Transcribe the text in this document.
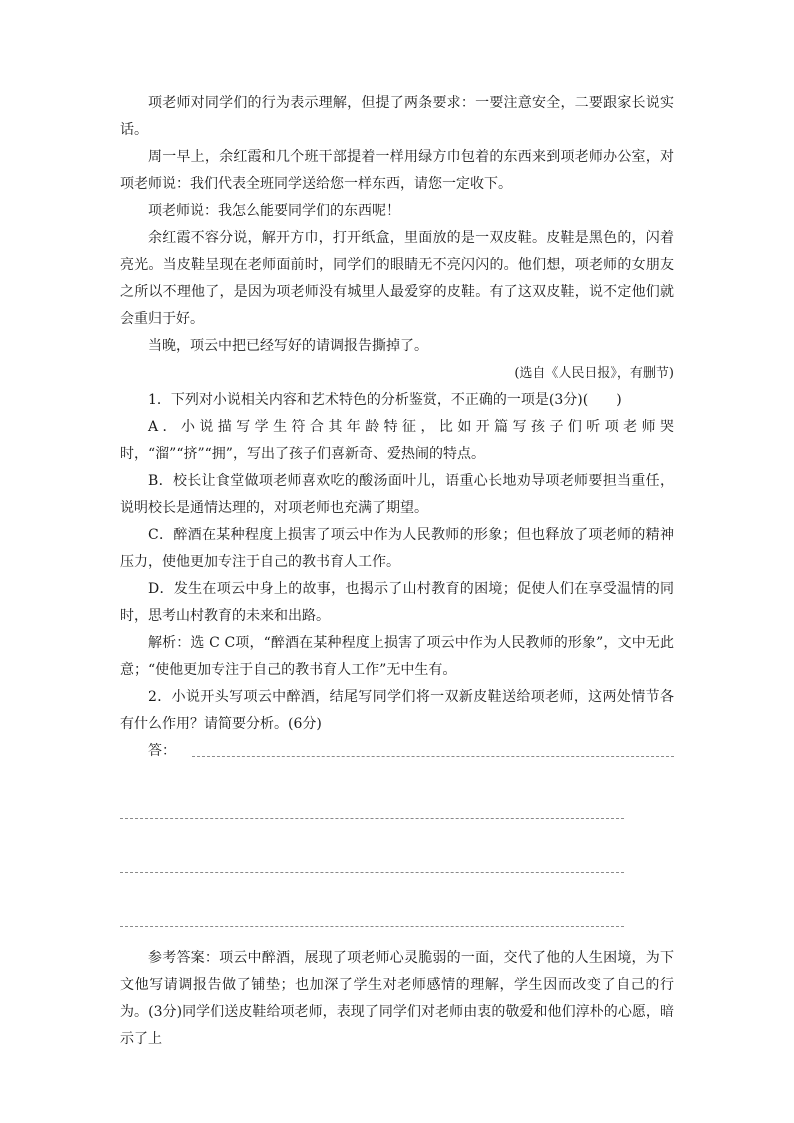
项老师对同学们的行为表示理解，但提了两条要求：一要注意安全，二要跟家长说实话。

周一早上，余红霞和几个班干部提着一样用绿方巾包着的东西来到项老师办公室，对项老师说：我们代表全班同学送给您一样东西，请您一定收下。

项老师说：我怎么能要同学们的东西呢！

余红霞不容分说，解开方巾，打开纸盒，里面放的是一双皮鞋。皮鞋是黑色的，闪着亮光。当皮鞋呈现在老师面前时，同学们的眼睛无不亮闪闪的。他们想，项老师的女朋友之所以不理他了，是因为项老师没有城里人最爱穿的皮鞋。有了这双皮鞋，说不定他们就会重归于好。

当晚，项云中把已经写好的请调报告撕掉了。

(选自《人民日报》，有删节)

1．下列对小说相关内容和艺术特色的分析鉴赏，不正确的一项是(3分)(　　)

A．小说描写学生符合其年龄特征，比如开篇写孩子们听项老师哭时，“溜”“挤”“拥”，写出了孩子们喜新奇、爱热闹的特点。

B．校长让食堂做项老师喜欢吃的酸汤面叶儿，语重心长地劝导项老师要担当重任，说明校长是通情达理的，对项老师也充满了期望。

C．醉酒在某种程度上损害了项云中作为人民教师的形象；但也释放了项老师的精神压力，使他更加专注于自己的教书育人工作。

D．发生在项云中身上的故事，也揭示了山村教育的困境；促使人们在享受温情的同时，思考山村教育的未来和出路。

解析：选 C C项，“醉酒在某种程度上损害了项云中作为人民教师的形象”，文中无此意；“使他更加专注于自己的教书育人工作”无中生有。

2．小说开头写项云中醉酒，结尾写同学们将一双新皮鞋送给项老师，这两处情节各有什么作用？请简要分析。(6分)

答：

参考答案：项云中醉酒，展现了项老师心灵脆弱的一面，交代了他的人生困境，为下文他写请调报告做了铺垫；也加深了学生对老师感情的理解，学生因而改变了自己的行为。(3分)同学们送皮鞋给项老师，表现了同学们对老师由衷的敬爱和他们淳朴的心愿，暗示了上
